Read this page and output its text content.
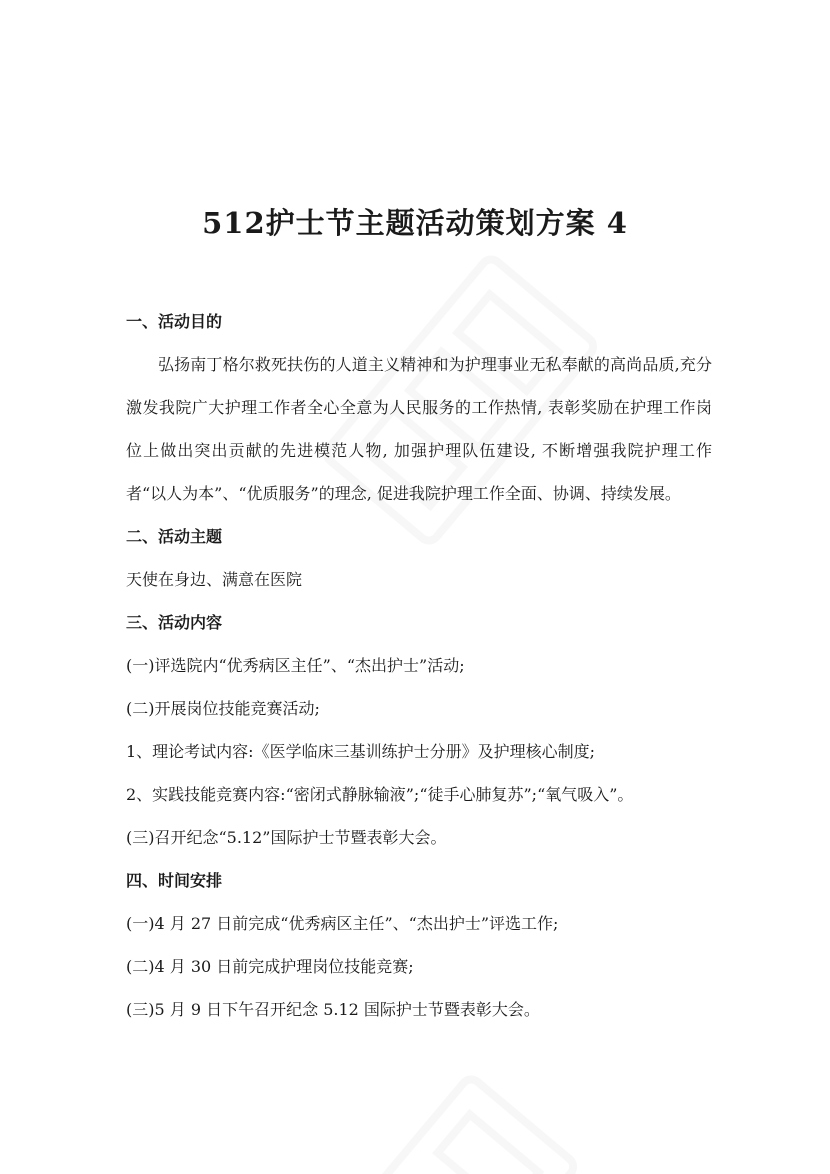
512护士节主题活动策划方案 4

一、活动目的

弘扬南丁格尔救死扶伤的人道主义精神和为护理事业无私奉献的高尚品质,充分激发我院广大护理工作者全心全意为人民服务的工作热情, 表彰奖励在护理工作岗位上做出突出贡献的先进模范人物, 加强护理队伍建设, 不断增强我院护理工作者“以人为本”、“优质服务”的理念, 促进我院护理工作全面、协调、持续发展。

二、活动主题

天使在身边、满意在医院

三、活动内容

(一)评选院内“优秀病区主任”、“杰出护士”活动;

(二)开展岗位技能竞赛活动;

1、理论考试内容:《医学临床三基训练护士分册》及护理核心制度;

2、实践技能竞赛内容:“密闭式静脉输液”;“徒手心肺复苏”;“氧气吸入”。

(三)召开纪念“5.12”国际护士节暨表彰大会。

四、时间安排

(一)4 月 27 日前完成“优秀病区主任”、“杰出护士”评选工作;

(二)4 月 30 日前完成护理岗位技能竞赛;

(三)5 月 9 日下午召开纪念 5.12 国际护士节暨表彰大会。
